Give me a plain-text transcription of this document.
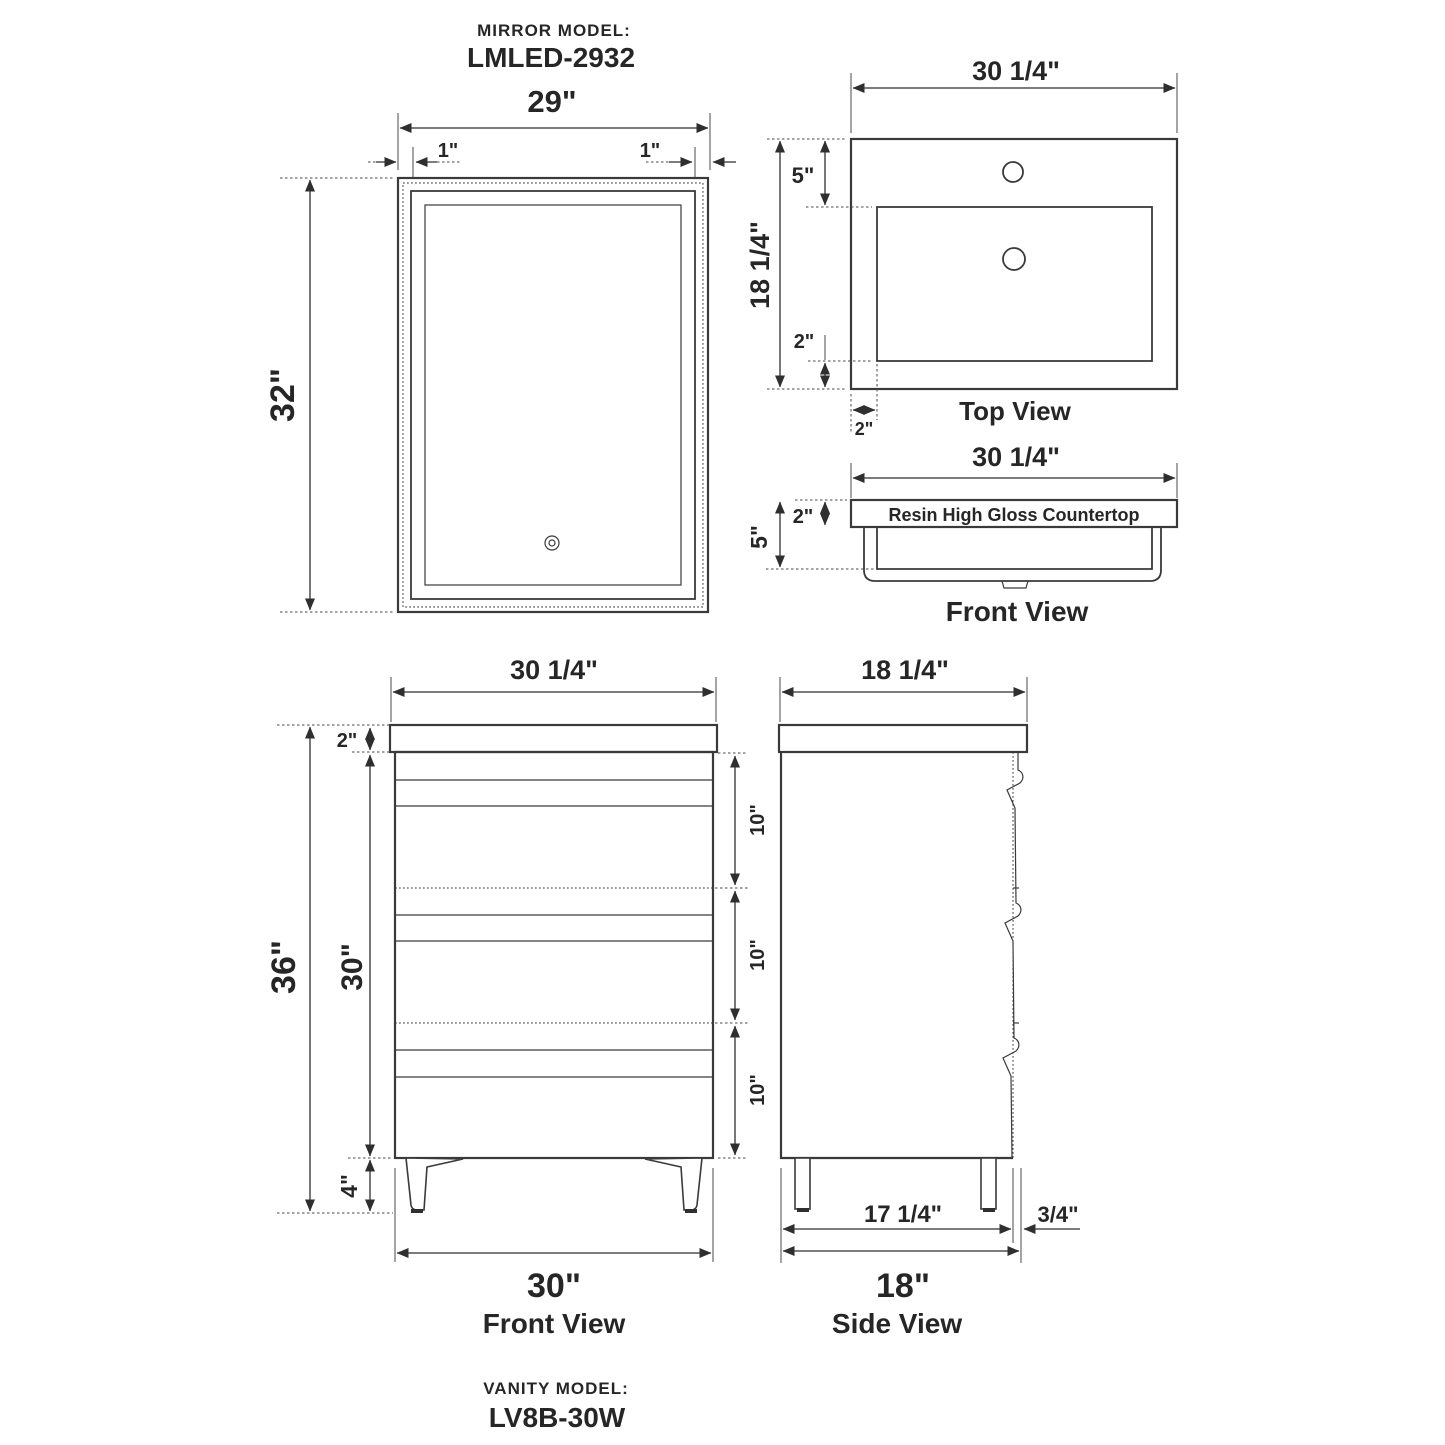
MIRROR MODEL:
LMLED-2932
29"
1"	1"
32"
30 1/4"
18 1/4"
5"
2"
2"
Top View
30 1/4"
Resin High Gloss Countertop
2"
5"
Front View
30 1/4"
36"
2"
30"
4"
10"
10"
10"
30"
Front View
18 1/4"
17 1/4"	3/4"
18"
Side View
VANITY MODEL:
LV8B-30W
